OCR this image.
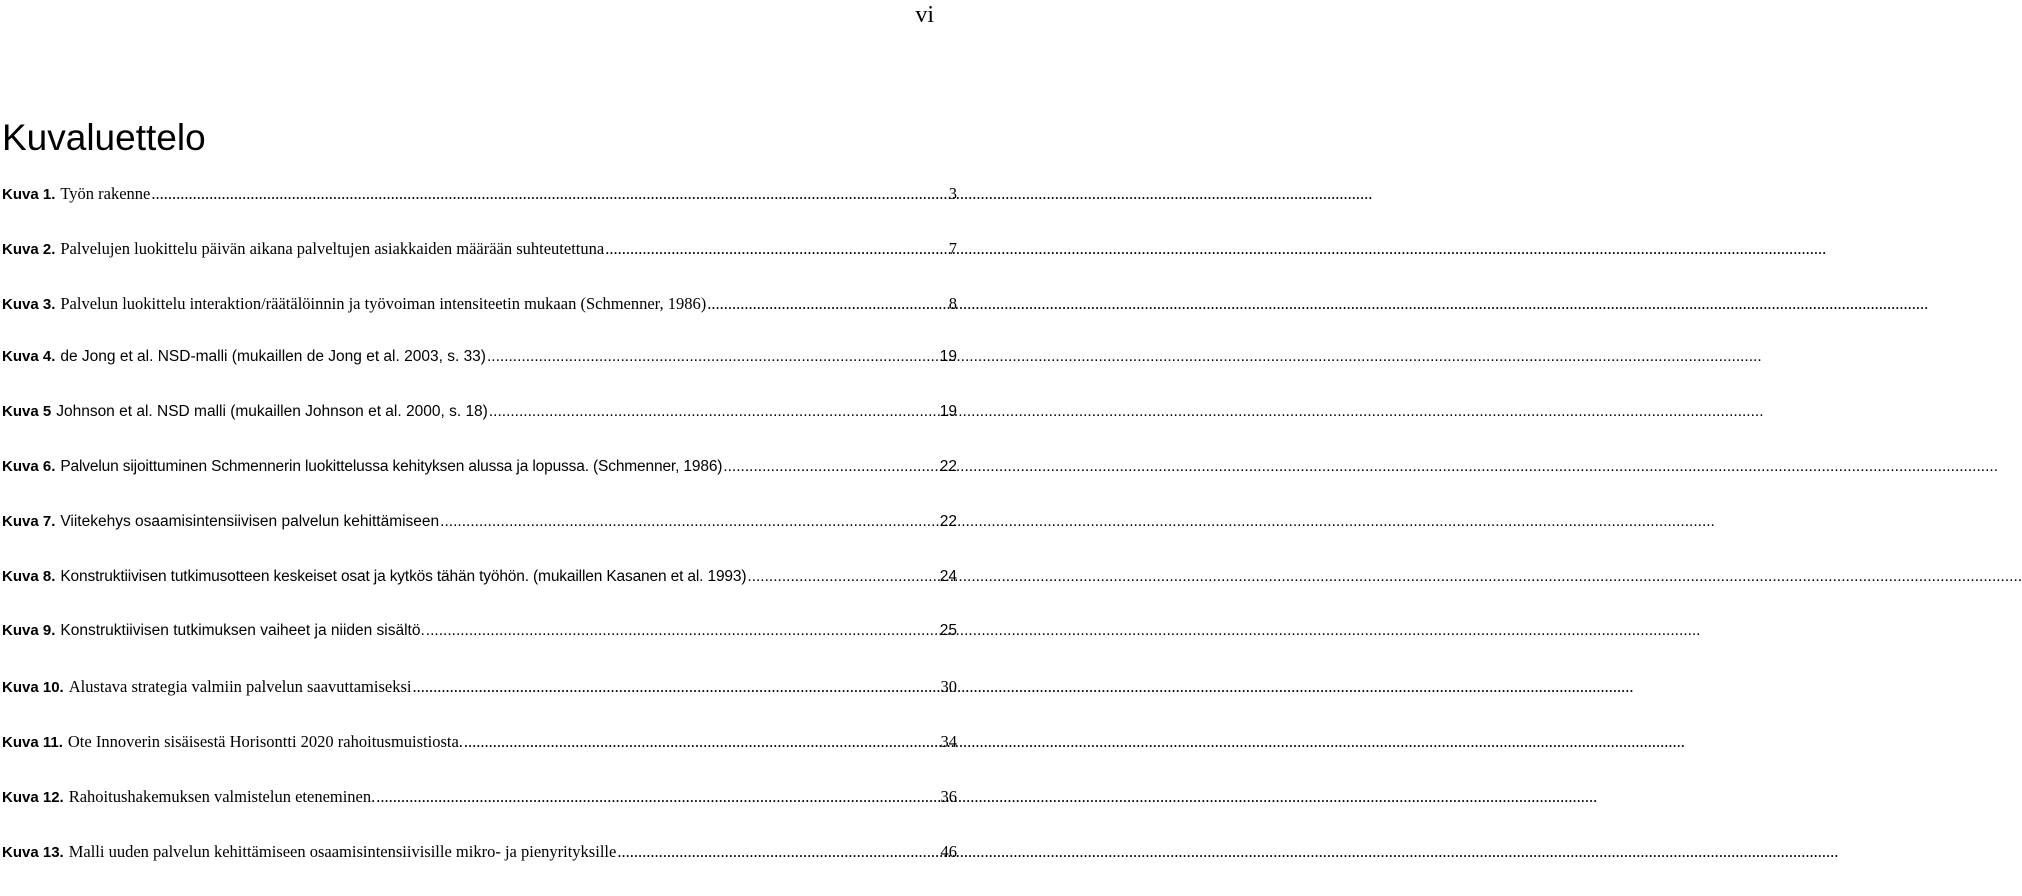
vi
Kuvaluettelo
Kuva 1. Työn rakenne .....	3
Kuva 2. Palvelujen luokittelu päivän aikana palveltujen asiakkaiden määrään suhteutettuna .....	7
Kuva 3. Palvelun luokittelu interaktion/räätälöinnin ja työvoiman intensiteetin mukaan (Schmenner, 1986) .....	8
Kuva 4. de Jong et al. NSD-malli (mukaillen de Jong et al. 2003, s. 33) .....	19
Kuva 5 Johnson et al. NSD malli (mukaillen Johnson et al. 2000, s. 18) .....	19
Kuva 6. Palvelun sijoittuminen Schmennerin luokittelussa kehityksen alussa ja lopussa. (Schmenner, 1986) .....	22
Kuva 7. Viitekehys osaamisintensiivisen palvelun kehittämiseen .....	22
Kuva 8. Konstruktiivisen tutkimusotteen keskeiset osat ja kytkös tähän työhön. (mukaillen Kasanen et al. 1993) .....	24
Kuva 9. Konstruktiivisen tutkimuksen vaiheet ja niiden sisältö. .....	25
Kuva 10. Alustava strategia valmiin palvelun saavuttamiseksi .....	30
Kuva 11. Ote Innoverin sisäisestä Horisontti 2020 rahoitusmuistiosta. .....	34
Kuva 12. Rahoitushakemuksen valmistelun eteneminen. .....	36
Kuva 13. Malli uuden palvelun kehittämiseen osaamisintensiivisille mikro- ja pienyrityksille .....	46
